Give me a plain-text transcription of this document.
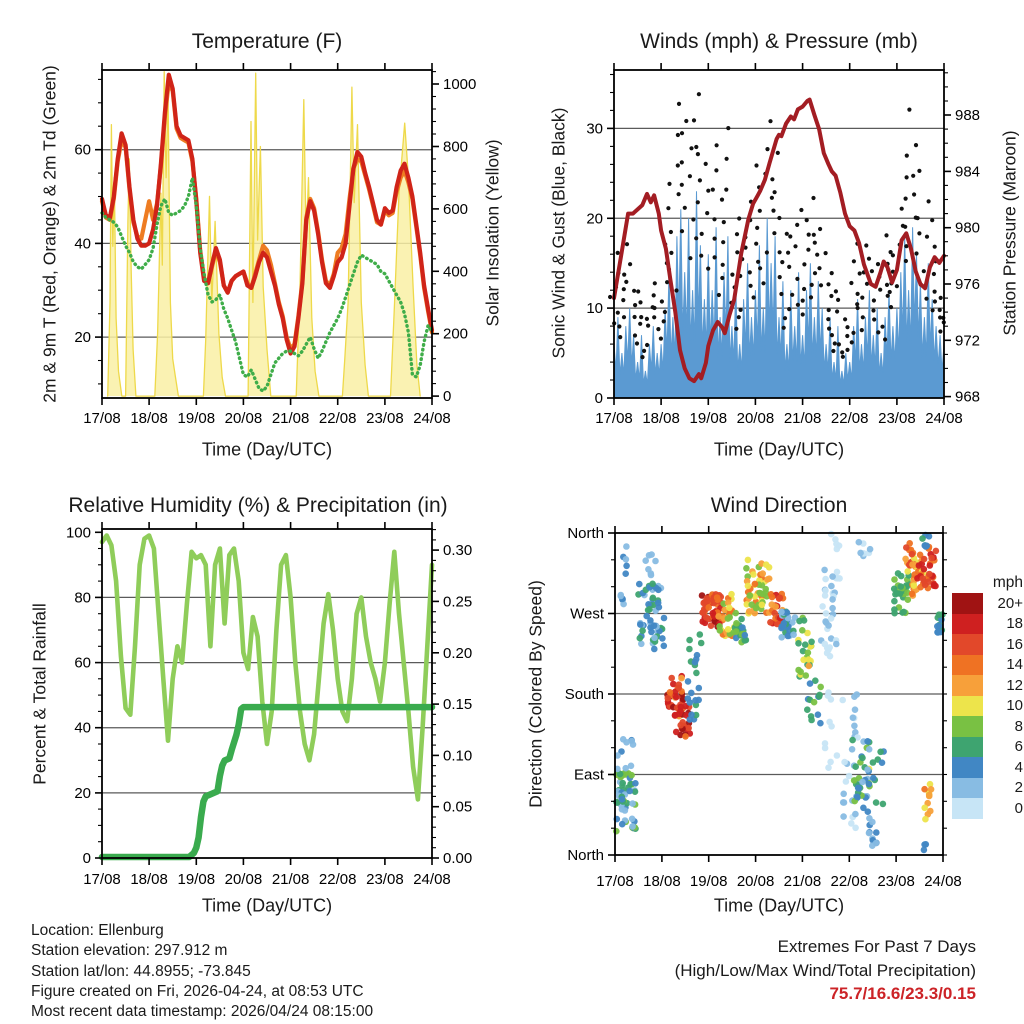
20
40
60
0
200
400
600
800
1000
17/08 18/08 19/08 20/08 21/08 22/08 23/08 24/08
0
10
20
30
968
972
976
980
984
988
17/08 18/08 19/08 20/08 21/08 22/08 23/08 24/08
0
20
40
60
80
100
0.00
0.05
0.10
0.15
0.20
0.25
0.30
17/08 18/08 19/08 20/08 21/08 22/08 23/08 24/08
North
West
South
East
North
17/08 18/08 19/08 20/08 21/08 22/08 23/08 24/08
Temperature (F)	Winds (mph) & Pressure (mb)
Relative Humidity (%) & Precipitation (in)	Wind Direction
2m & 9m T (Red, Orange) & 2m Td (Green)	Solar Insolation (Yellow)	Sonic Wind & Gust (Blue, Black)	Station Pressure (Maroon)
Percent & Total Rainfall	Direction (Colored By Speed)
Time (Day/UTC)	Time (Day/UTC)
Time (Day/UTC)	Time (Day/UTC)
mph
20+
18
16
14
12
10
8
6
4
2
0
Location: Ellenburg
Station elevation: 297.912 m
Station lat/lon: 44.8955; -73.845
Figure created on Fri, 2026-04-24, at 08:53 UTC
Most recent data timestamp: 2026/04/24 08:15:00
Extremes For Past 7 Days
(High/Low/Max Wind/Total Precipitation)
75.7/16.6/23.3/0.15
